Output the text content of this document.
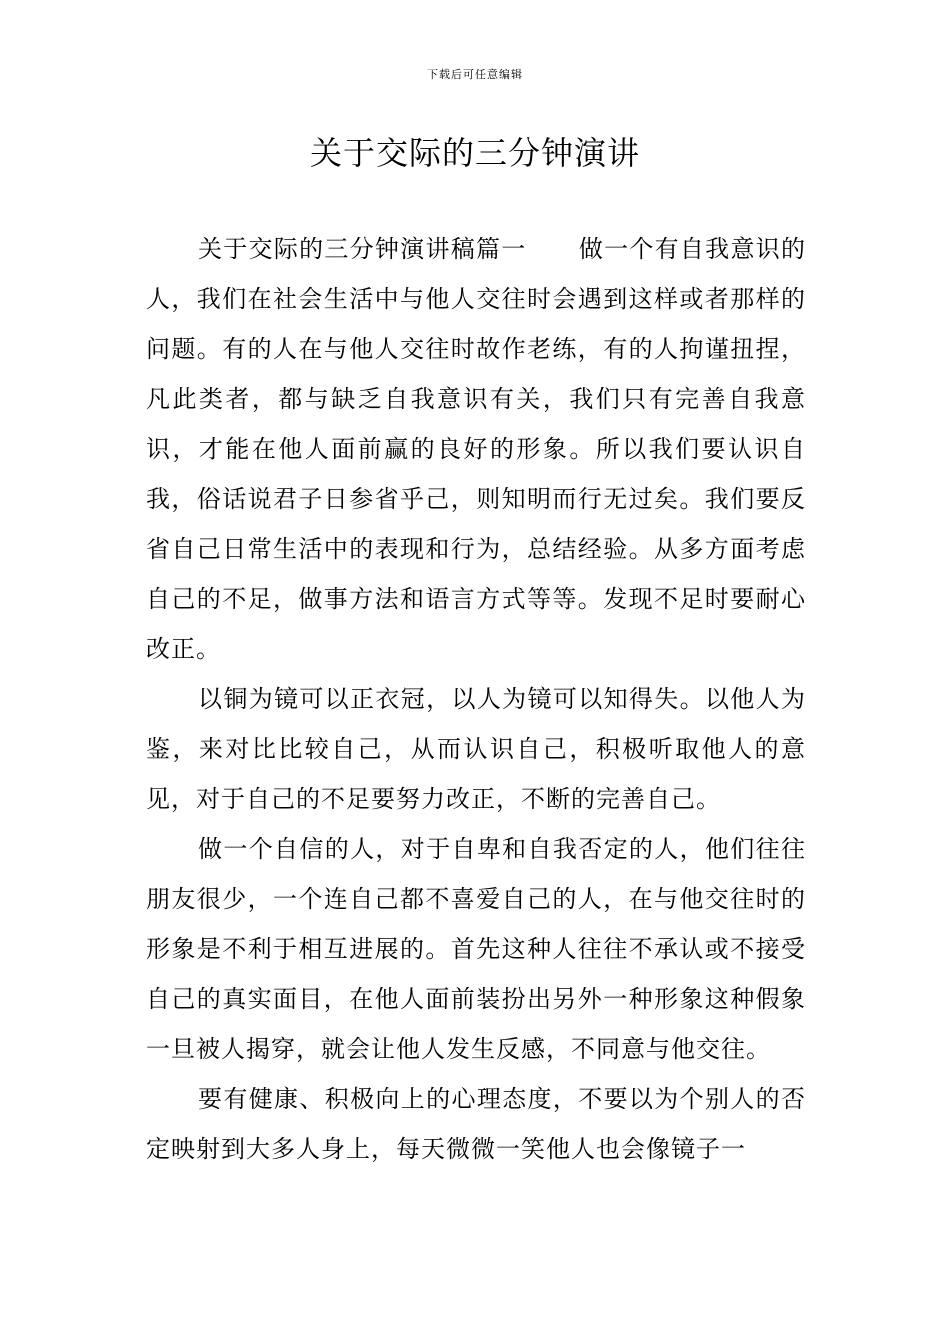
下载后可任意编辑
关于交际的三分钟演讲

关于交际的三分钟演讲稿篇一 做一个有自我意识的人，我们在社会生活中与他人交往时会遇到这样或者那样的问题。有的人在与他人交往时故作老练，有的人拘谨扭捏，凡此类者，都与缺乏自我意识有关，我们只有完善自我意识，才能在他人面前赢的良好的形象。所以我们要认识自我，俗话说君子日参省乎己，则知明而行无过矣。我们要反省自己日常生活中的表现和行为，总结经验。从多方面考虑自己的不足，做事方法和语言方式等等。发现不足时要耐心改正。

以铜为镜可以正衣冠，以人为镜可以知得失。以他人为鉴，来对比比较自己，从而认识自己，积极听取他人的意见，对于自己的不足要努力改正，不断的完善自己。

做一个自信的人，对于自卑和自我否定的人，他们往往朋友很少，一个连自己都不喜爱自己的人，在与他交往时的形象是不利于相互进展的。首先这种人往往不承认或不接受自己的真实面目，在他人面前装扮出另外一种形象这种假象一旦被人揭穿，就会让他人发生反感，不同意与他交往。

要有健康、积极向上的心理态度，不要以为个别人的否定映射到大多人身上，每天微微一笑他人也会像镜子一
